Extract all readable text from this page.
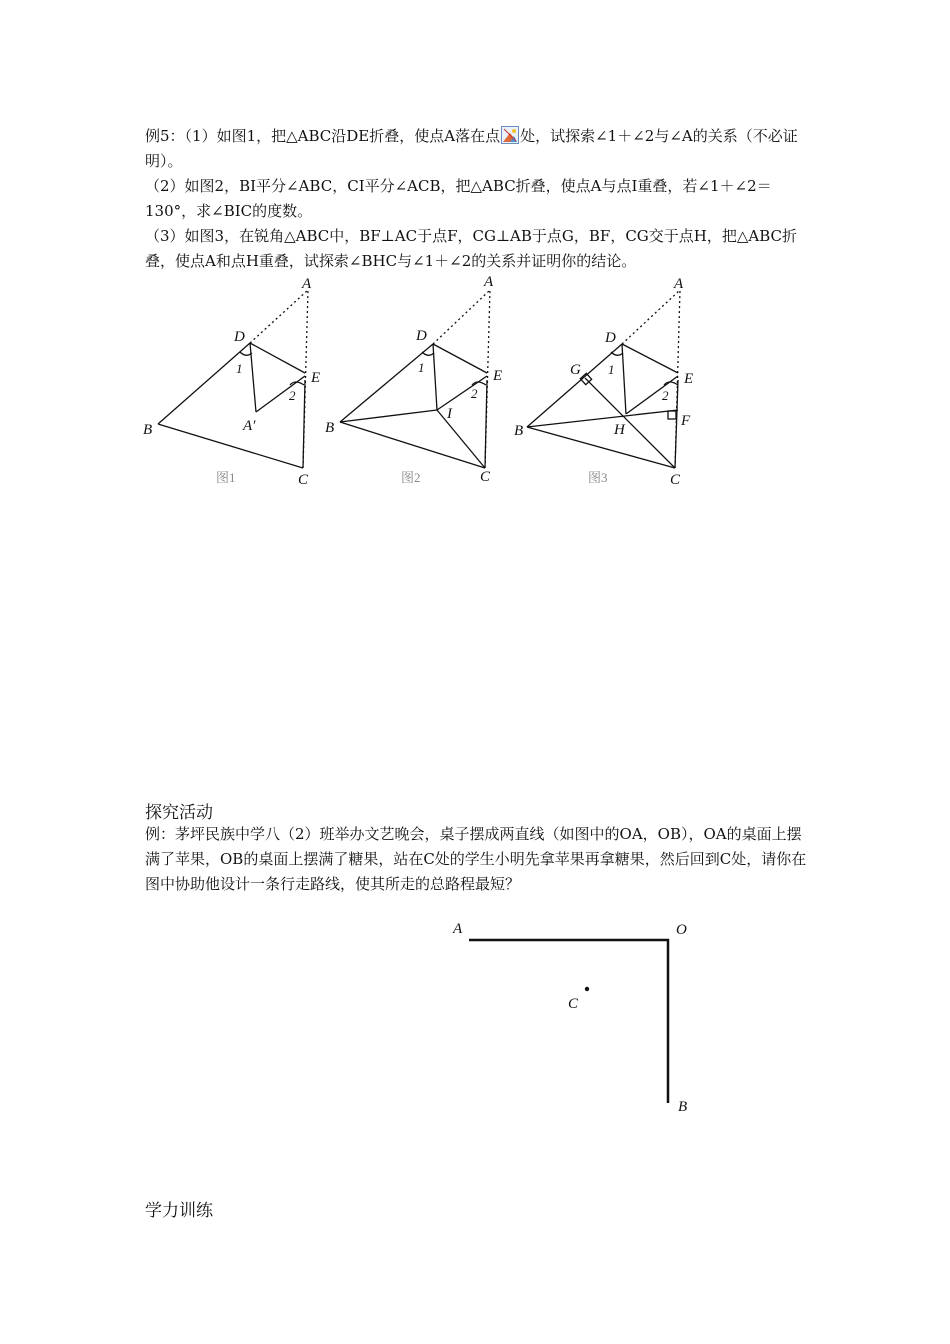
例5：（1）如图1，把△ABC沿DE折叠，使点A落在点 处，试探索∠1＋∠2与∠A的关系（不必证明）。
（2）如图2，BI平分∠ABC，CI平分∠ACB，把△ABC折叠，使点A与点I重叠，若∠1＋∠2＝130°，求∠BIC的度数。
（3）如图3，在锐角△ABC中，BF⊥AC于点F，CG⊥AB于点G，BF，CG交于点H，把△ABC折叠，使点A和点H重叠，试探索∠BHC与∠1＋∠2的关系并证明你的结论。
A
D
E
B
C
A′
1
2
图1
A
D
E
B
C
I
1
2
图2
A
D
E
G
F
B	H
C
1
2
图3
探究活动
例：茅坪民族中学八（2）班举办文艺晚会，桌子摆成两直线（如图中的OA，OB），OA的桌面上摆满了苹果，OB的桌面上摆满了糖果，站在C处的学生小明先拿苹果再拿糖果，然后回到C处，请你在图中协助他设计一条行走路线，使其所走的总路程最短？
A	O
B
C
学力训练
